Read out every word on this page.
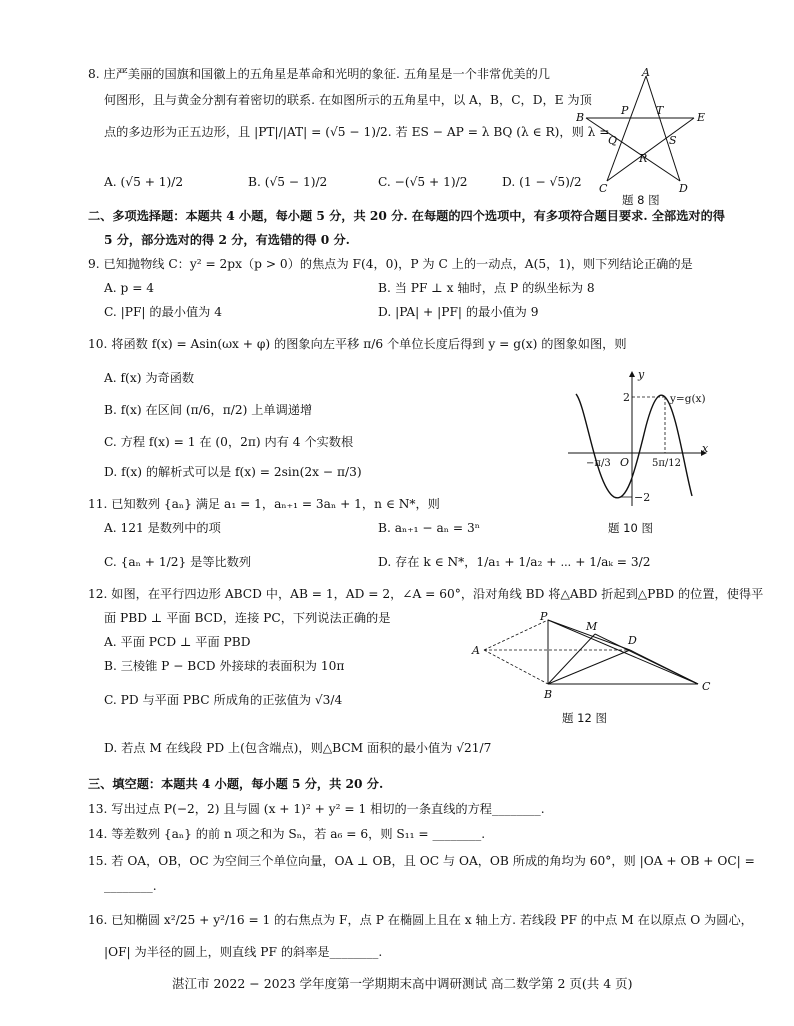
8. 庄严美丽的国旗和国徽上的五角星是革命和光明的象征. 五角星是一个非常优美的几
何图形，且与黄金分割有着密切的联系. 在如图所示的五角星中，以 A，B，C，D，E 为顶
点的多边形为正五边形，且 |PT|/|AT| = (√5 − 1)/2. 若 ES − AP = λ BQ (λ ∈ R)，则 λ =
A. (√5 + 1)/2	B. (√5 − 1)/2	C. −(√5 + 1)/2	D. (1 − √5)/2
A
B	E
P	T
Q	S
R
C	D
题 8 图
二、多项选择题：本题共 4 小题，每小题 5 分，共 20 分. 在每题的四个选项中，有多项符合题目要求. 全部选对的得
5 分，部分选对的得 2 分，有选错的得 0 分.
9. 已知抛物线 C：y² = 2px（p > 0）的焦点为 F(4，0)，P 为 C 上的一动点，A(5，1)，则下列结论正确的是
A. p = 4	B. 当 PF ⊥ x 轴时，点 P 的纵坐标为 8
C. |PF| 的最小值为 4	D. |PA| + |PF| 的最小值为 9
10. 将函数 f(x) = Asin(ωx + φ) 的图象向左平移 π/6 个单位长度后得到 y = g(x) 的图象如图，则
A. f(x) 为奇函数
B. f(x) 在区间 (π/6，π/2) 上单调递增
C. 方程 f(x) = 1 在 (0，2π) 内有 4 个实数根
D. f(x) 的解析式可以是 f(x) = 2sin(2x − π/3)
y
x
O
2
−2
y=g(x)
−π/3	5π/12
题 10 图
11. 已知数列 {aₙ} 满足 a₁ = 1，aₙ₊₁ = 3aₙ + 1，n ∈ N*，则
A. 121 是数列中的项	B. aₙ₊₁ − aₙ = 3ⁿ
C. {aₙ + 1/2} 是等比数列	D. 存在 k ∈ N*，1/a₁ + 1/a₂ + ⋯ + 1/aₖ = 3/2
12. 如图，在平行四边形 ABCD 中，AB = 1，AD = 2，∠A = 60°，沿对角线 BD 将△ABD 折起到△PBD 的位置，使得平
面 PBD ⊥ 平面 BCD，连接 PC，下列说法正确的是
A. 平面 PCD ⊥ 平面 PBD
B. 三棱锥 P − BCD 外接球的表面积为 10π
C. PD 与平面 PBC 所成角的正弦值为 √3/4
D. 若点 M 在线段 PD 上(包含端点)，则△BCM 面积的最小值为 √21/7
P
M
D
A
B
C
题 12 图
三、填空题：本题共 4 小题，每小题 5 分，共 20 分.
13. 写出过点 P(−2，2) 且与圆 (x + 1)² + y² = 1 相切的一条直线的方程________.
14. 等差数列 {aₙ} 的前 n 项之和为 Sₙ，若 a₆ = 6，则 S₁₁ = ________.
15. 若 OA，OB，OC 为空间三个单位向量，OA ⊥ OB，且 OC 与 OA，OB 所成的角均为 60°，则 |OA + OB + OC| =
________.
16. 已知椭圆 x²/25 + y²/16 = 1 的右焦点为 F，点 P 在椭圆上且在 x 轴上方. 若线段 PF 的中点 M 在以原点 O 为圆心，
|OF| 为半径的圆上，则直线 PF 的斜率是________.
湛江市 2022 − 2023 学年度第一学期期末高中调研测试 高二数学第 2 页(共 4 页)
